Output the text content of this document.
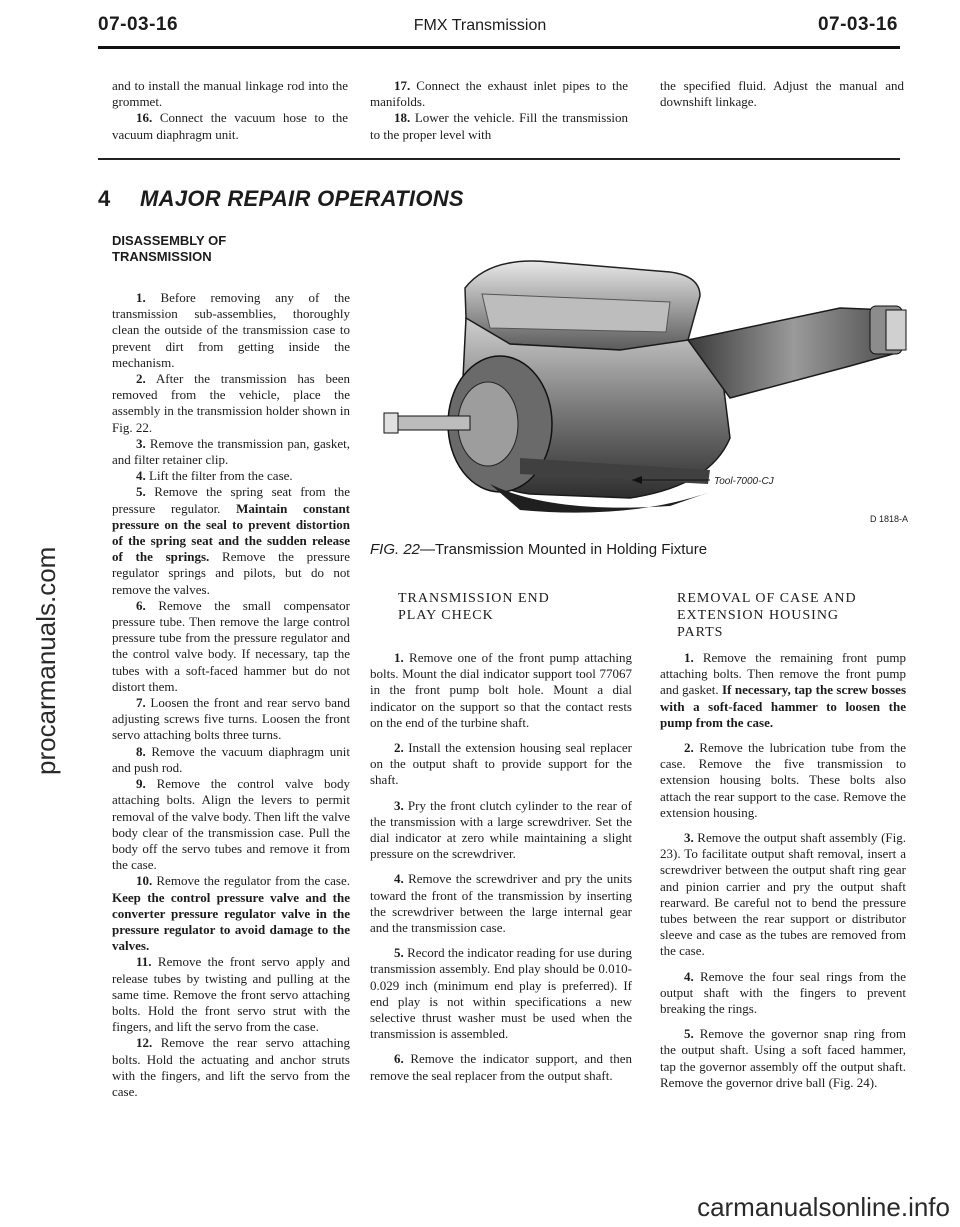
07-03-16	FMX Transmission	07-03-16

and to install the manual linkage rod into the grommet.

16. Connect the vacuum hose to the vacuum diaphragm unit.

17. Connect the exhaust inlet pipes to the manifolds.

18. Lower the vehicle. Fill the transmission to the proper level with

the specified fluid. Adjust the manual and downshift linkage.

4 MAJOR REPAIR OPERATIONS
DISASSEMBLY OF
TRANSMISSION

1. Before removing any of the transmission sub-assemblies, thoroughly clean the outside of the transmission case to prevent dirt from getting inside the mechanism.

2. After the transmission has been removed from the vehicle, place the assembly in the transmission holder shown in Fig. 22.

3. Remove the transmission pan, gasket, and filter retainer clip.

4. Lift the filter from the case.

5. Remove the spring seat from the pressure regulator. Maintain constant pressure on the seal to prevent distortion of the spring seat and the sudden release of the springs. Remove the pressure regulator springs and pilots, but do not remove the valves.

6. Remove the small compensator pressure tube. Then remove the large control pressure tube from the pressure regulator and the control valve body. If necessary, tap the tubes with a soft-faced hammer but do not distort them.

7. Loosen the front and rear servo band adjusting screws five turns. Loosen the front servo attaching bolts three turns.

8. Remove the vacuum diaphragm unit and push rod.

9. Remove the control valve body attaching bolts. Align the levers to permit removal of the valve body. Then lift the valve body clear of the transmission case. Pull the body off the servo tubes and remove it from the case.

10. Remove the regulator from the case. Keep the control pressure valve and the converter pressure regulator valve in the pressure regulator to avoid damage to the valves.

11. Remove the front servo apply and release tubes by twisting and pulling at the same time. Remove the front servo attaching bolts. Hold the front servo strut with the fingers, and lift the servo from the case.

12. Remove the rear servo attaching bolts. Hold the actuating and anchor struts with the fingers, and lift the servo from the case.

Tool-7000-CJ
D 1818-A
FIG. 22—Transmission Mounted in Holding Fixture
TRANSMISSION END
PLAY CHECK

1. Remove one of the front pump attaching bolts. Mount the dial indicator support tool 77067 in the front pump bolt hole. Mount a dial indicator on the support so that the contact rests on the end of the turbine shaft.

2. Install the extension housing seal replacer on the output shaft to provide support for the shaft.

3. Pry the front clutch cylinder to the rear of the transmission with a large screwdriver. Set the dial indicator at zero while maintaining a slight pressure on the screwdriver.

4. Remove the screwdriver and pry the units toward the front of the transmission by inserting the screwdriver between the large internal gear and the transmission case.

5. Record the indicator reading for use during transmission assembly. End play should be 0.010-0.029 inch (minimum end play is preferred). If end play is not within specifications a new selective thrust washer must be used when the transmission is assembled.

6. Remove the indicator support, and then remove the seal replacer from the output shaft.

REMOVAL OF CASE AND
EXTENSION HOUSING
PARTS

1. Remove the remaining front pump attaching bolts. Then remove the front pump and gasket. If necessary, tap the screw bosses with a soft-faced hammer to loosen the pump from the case.

2. Remove the lubrication tube from the case. Remove the five transmission to extension housing bolts. These bolts also attach the rear support to the case. Remove the extension housing.

3. Remove the output shaft assembly (Fig. 23). To facilitate output shaft removal, insert a screwdriver between the output shaft ring gear and pinion carrier and pry the output shaft rearward. Be careful not to bend the pressure tubes between the rear support or distributor sleeve and case as the tubes are removed from the case.

4. Remove the four seal rings from the output shaft with the fingers to prevent breaking the rings.

5. Remove the governor snap ring from the output shaft. Using a soft faced hammer, tap the governor assembly off the output shaft. Remove the governor drive ball (Fig. 24).

procarmanuals.com
carmanualsonline.info
